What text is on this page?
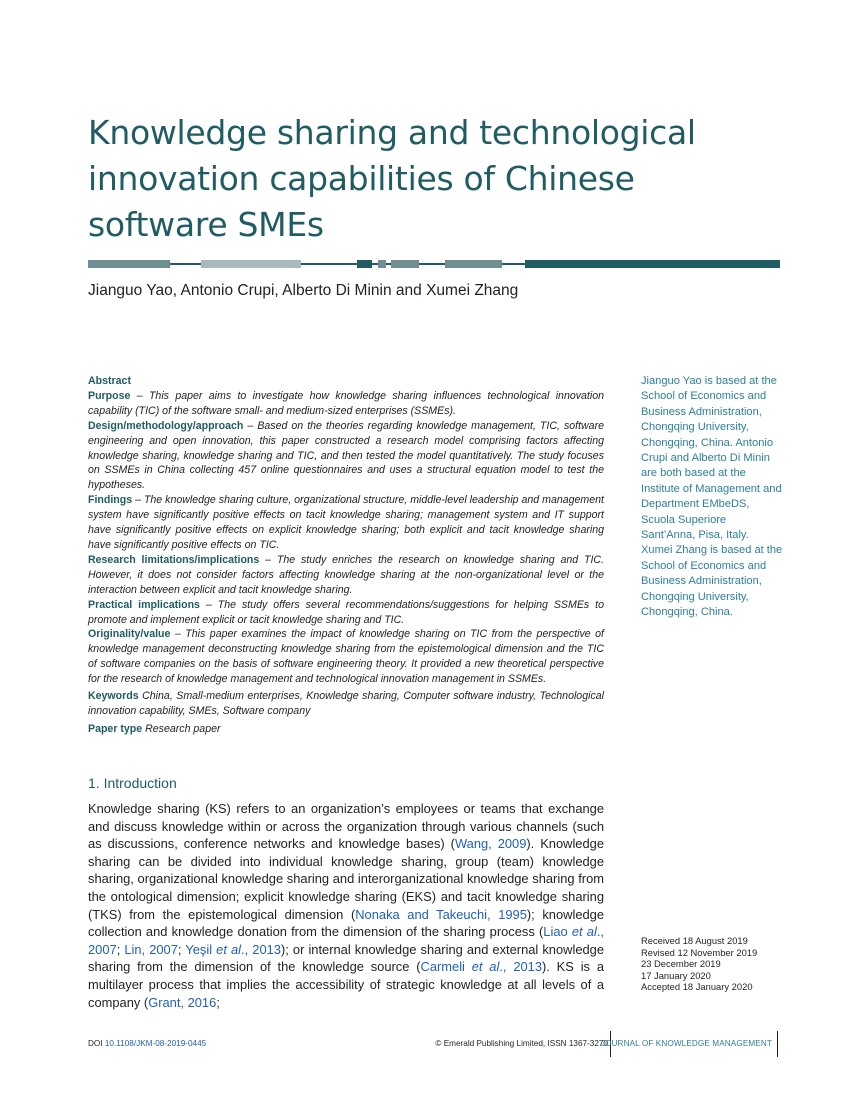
Knowledge sharing and technological innovation capabilities of Chinese software SMEs
Jianguo Yao, Antonio Crupi, Alberto Di Minin and Xumei Zhang

Abstract

Purpose – This paper aims to investigate how knowledge sharing influences technological innovation capability (TIC) of the software small- and medium-sized enterprises (SSMEs).

Design/methodology/approach – Based on the theories regarding knowledge management, TIC, software engineering and open innovation, this paper constructed a research model comprising factors affecting knowledge sharing, knowledge sharing and TIC, and then tested the model quantitatively. The study focuses on SSMEs in China collecting 457 online questionnaires and uses a structural equation model to test the hypotheses.

Findings – The knowledge sharing culture, organizational structure, middle-level leadership and management system have significantly positive effects on tacit knowledge sharing; management system and IT support have significantly positive effects on explicit knowledge sharing; both explicit and tacit knowledge sharing have significantly positive effects on TIC.

Research limitations/implications – The study enriches the research on knowledge sharing and TIC. However, it does not consider factors affecting knowledge sharing at the non-organizational level or the interaction between explicit and tacit knowledge sharing.

Practical implications – The study offers several recommendations/suggestions for helping SSMEs to promote and implement explicit or tacit knowledge sharing and TIC.

Originality/value – This paper examines the impact of knowledge sharing on TIC from the perspective of knowledge management deconstructing knowledge sharing from the epistemological dimension and the TIC of software companies on the basis of software engineering theory. It provided a new theoretical perspective for the research of knowledge management and technological innovation management in SSMEs.

Keywords China, Small-medium enterprises, Knowledge sharing, Computer software industry, Technological innovation capability, SMEs, Software company

Paper type Research paper

Jianguo Yao is based at the School of Economics and Business Administration, Chongqing University, Chongqing, China. Antonio Crupi and Alberto Di Minin are both based at the Institute of Management and Department EMbeDS, Scuola Superiore Sant’Anna, Pisa, Italy. Xumei Zhang is based at the School of Economics and Business Administration, Chongqing University, Chongqing, China.
1. Introduction
Knowledge sharing (KS) refers to an organization’s employees or teams that exchange and discuss knowledge within or across the organization through various channels (such as discussions, conference networks and knowledge bases) (Wang, 2009). Knowledge sharing can be divided into individual knowledge sharing, group (team) knowledge sharing, organizational knowledge sharing and interorganizational knowledge sharing from the ontological dimension; explicit knowledge sharing (EKS) and tacit knowledge sharing (TKS) from the epistemological dimension (Nonaka and Takeuchi, 1995); knowledge collection and knowledge donation from the dimension of the sharing process (Liao et al., 2007; Lin, 2007; Yeşil et al., 2013); or internal knowledge sharing and external knowledge sharing from the dimension of the knowledge source (Carmeli et al., 2013). KS is a multilayer process that implies the accessibility of strategic knowledge at all levels of a company (Grant, 2016;
Received 18 August 2019
Revised 12 November 2019
23 December 2019
17 January 2020
Accepted 18 January 2020
DOI 10.1108/JKM-08-2019-0445	© Emerald Publishing Limited, ISSN 1367-3270
JOURNAL OF KNOWLEDGE MANAGEMENT
